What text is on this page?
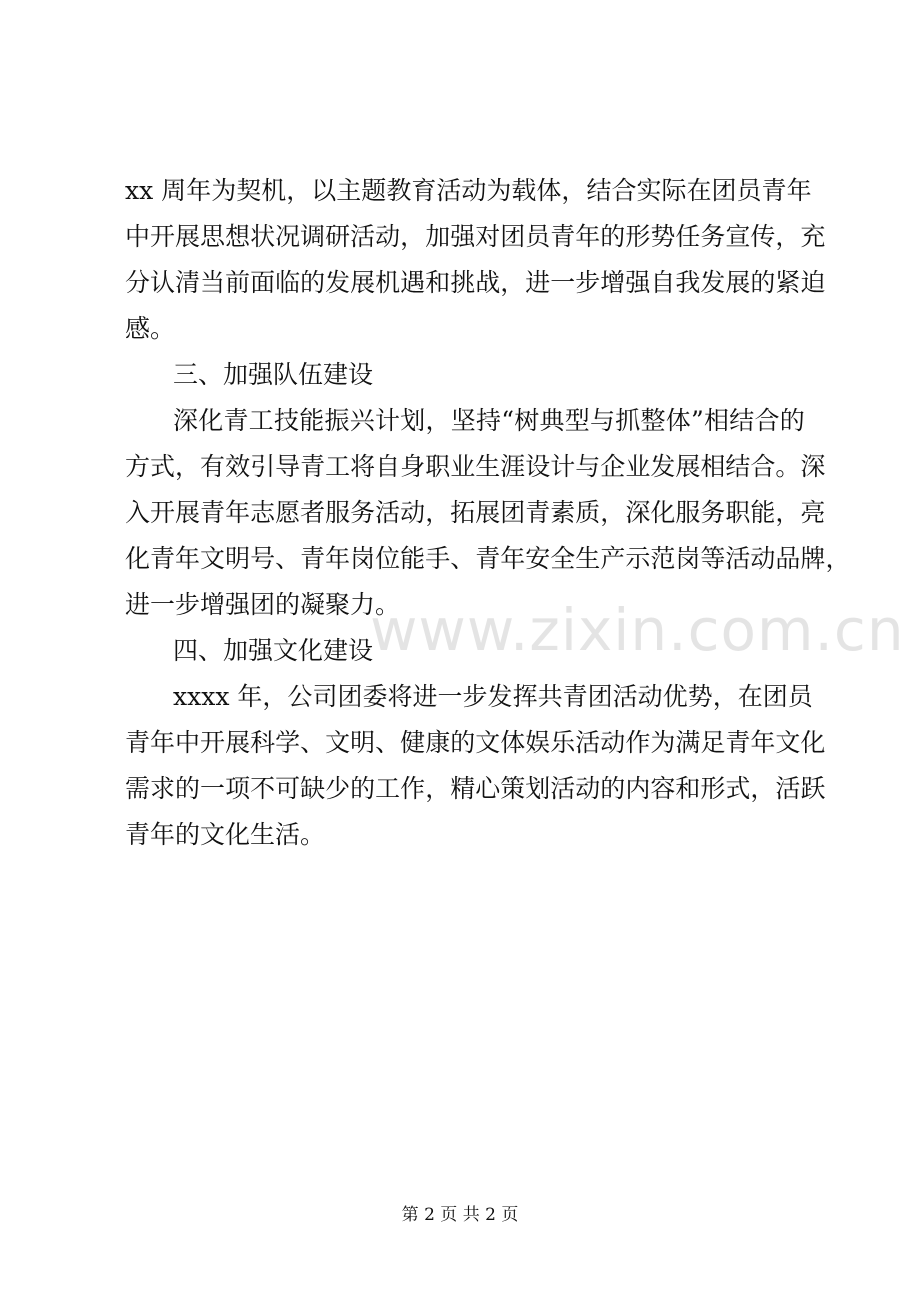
x x
周 年 为 契 机 ， 以 主 题 教 育 活 动 为 载 体 ， 结 合 实 际 在 团 员 青 年
中 开 展 思 想 状 况 调 研 活 动 ， 加 强 对 团 员 青 年 的 形 势 任 务 宣 传 ， 充
分 认 清 当 前 面 临 的 发 展 机 遇 和 挑 战 ， 进 一 步 增 强 自 我 发 展 的 紧 迫
感。
三、加强队伍建设
深 化 青 工 技 能 振 兴 计 划 ， 坚 持 “ 树 典 型 与 抓 整 体 ” 相 结 合 的
方 式 ， 有 效 引 导 青 工 将 自 身 职 业 生 涯 设 计 与 企 业 发 展 相 结 合 。 深
入 开 展 青 年 志 愿 者 服 务 活 动 ， 拓 展 团 青 素 质 ， 深 化 服 务 职 能 ， 亮
化 青 年 文 明 号 、 青 年 岗 位 能 手 、 青 年 安 全 生 产 示 范 岗 等 活 动 品 牌 ，
进一步增强团的凝聚力。
四、加强文化建设
x x x x
年 ， 公 司 团 委 将 进 一 步 发 挥 共 青 团 活 动 优 势 ， 在 团 员
青 年 中 开 展 科 学 、 文 明 、 健 康 的 文 体 娱 乐 活 动 作 为 满 足 青 年 文 化
需 求 的 一 项 不 可 缺 少 的 工 作 ， 精 心 策 划 活 动 的 内 容 和 形 式 ， 活 跃
青年的文化生活。
www.zixin.com.cn
第 2 页 共 2 页
